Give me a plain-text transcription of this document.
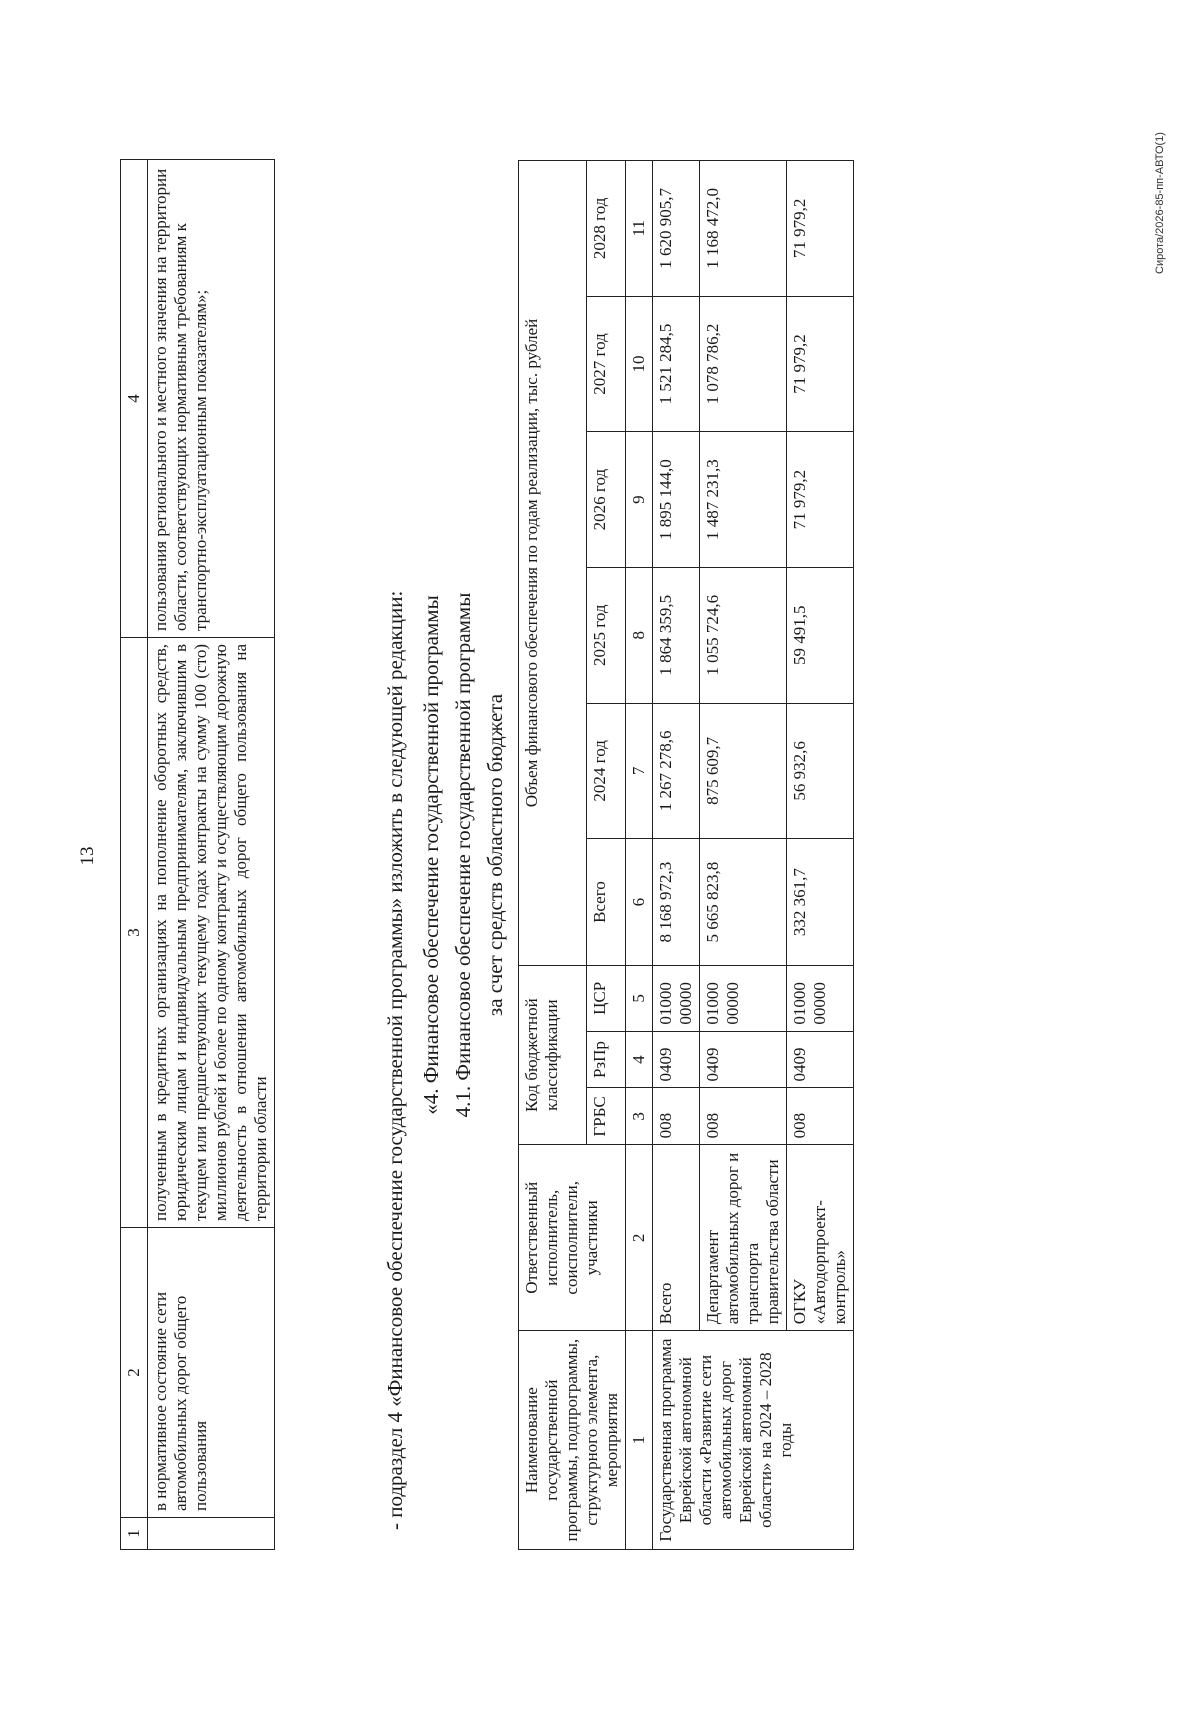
13
Сирота/2026-85-пп-АВТО(1)
1	2	3	4
	в нормативное состояние сети автомобильных дорог общего пользования	полученным в кредитных организациях на пополнение оборотных средств, юридическим лицам и индивидуальным предпринимателям, заключившим в текущем или предшествующих текущему годах контракты на сумму 100 (сто) миллионов рублей и более по одному контракту и осуществляющим дорожную деятельность в отношении автомобильных дорог общего пользования на территории области	пользования регионального и местного значения на территории области, соответствующих нормативным требованиям к транспортно-эксплуатационным показателям»;
- подраздел 4 «Финансовое обеспечение государственной программы» изложить в следующей редакции: «4. Финансовое обеспечение государственной программы 4.1. Финансовое обеспечение государственной программы за счет средств областного бюджета
Наименование государственной программы, подпрограммы, структурного элемента, мероприятия	Ответственный исполнитель, соисполнители, участники	Код бюджетной классификации			Объем финансового обеспечения по годам реализации, тыс. рублей					
		ГРБС	РзПр	ЦСР	Всего	2024 год	2025 год	2026 год	2027 год	2028 год
1	2	3	4	5	6	7	8	9	10	11
Государственная программа Еврейской автономной области «Развитие сети автомобильных дорог Еврейской автономной области» на 2024 – 2028 годы	Всего	008	0409	01000 00000	8 168 972,3	1 267 278,6	1 864 359,5	1 895 144,0	1 521 284,5	1 620 905,7
	Департамент автомобильных дорог и транспорта правительства области	008	0409	01000 00000	5 665 823,8	875 609,7	1 055 724,6	1 487 231,3	1 078 786,2	1 168 472,0
	ОГКУ «Автодорпроект-контроль»	008	0409	01000 00000	332 361,7	56 932,6	59 491,5	71 979,2	71 979,2	71 979,2
